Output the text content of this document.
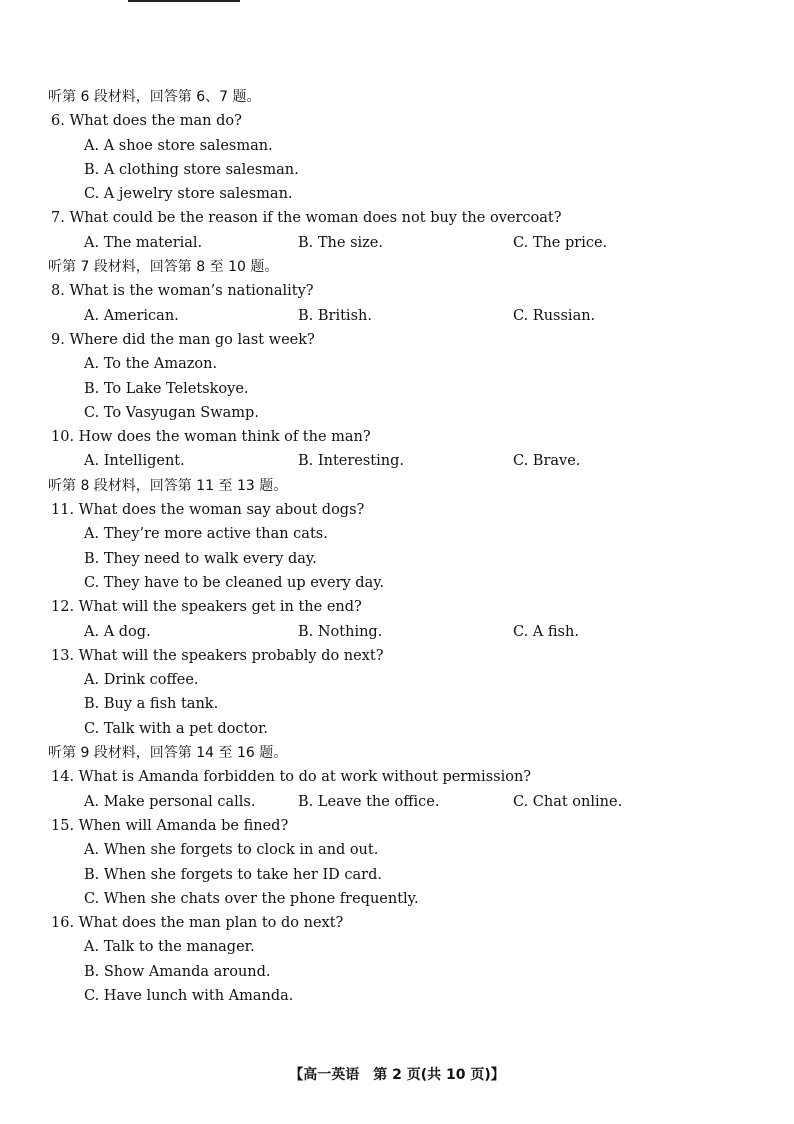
听第 6 段材料，回答第 6、7 题。
6. What does the man do?
A. A shoe store salesman.
B. A clothing store salesman.
C. A jewelry store salesman.
7. What could be the reason if the woman does not buy the overcoat?
A. The material.	B. The size.	C. The price.
听第 7 段材料，回答第 8 至 10 题。
8. What is the woman’s nationality?
A. American.	B. British.	C. Russian.
9. Where did the man go last week?
A. To the Amazon.
B. To Lake Teletskoye.
C. To Vasyugan Swamp.
10. How does the woman think of the man?
A. Intelligent.	B. Interesting.	C. Brave.
听第 8 段材料，回答第 11 至 13 题。
11. What does the woman say about dogs?
A. They’re more active than cats.
B. They need to walk every day.
C. They have to be cleaned up every day.
12. What will the speakers get in the end?
A. A dog.	B. Nothing.	C. A fish.
13. What will the speakers probably do next?
A. Drink coffee.
B. Buy a fish tank.
C. Talk with a pet doctor.
听第 9 段材料，回答第 14 至 16 题。
14. What is Amanda forbidden to do at work without permission?
A. Make personal calls.	B. Leave the office.	C. Chat online.
15. When will Amanda be fined?
A. When she forgets to clock in and out.
B. When she forgets to take her ID card.
C. When she chats over the phone frequently.
16. What does the man plan to do next?
A. Talk to the manager.
B. Show Amanda around.
C. Have lunch with Amanda.
【高一英语　第 2 页(共 10 页)】
